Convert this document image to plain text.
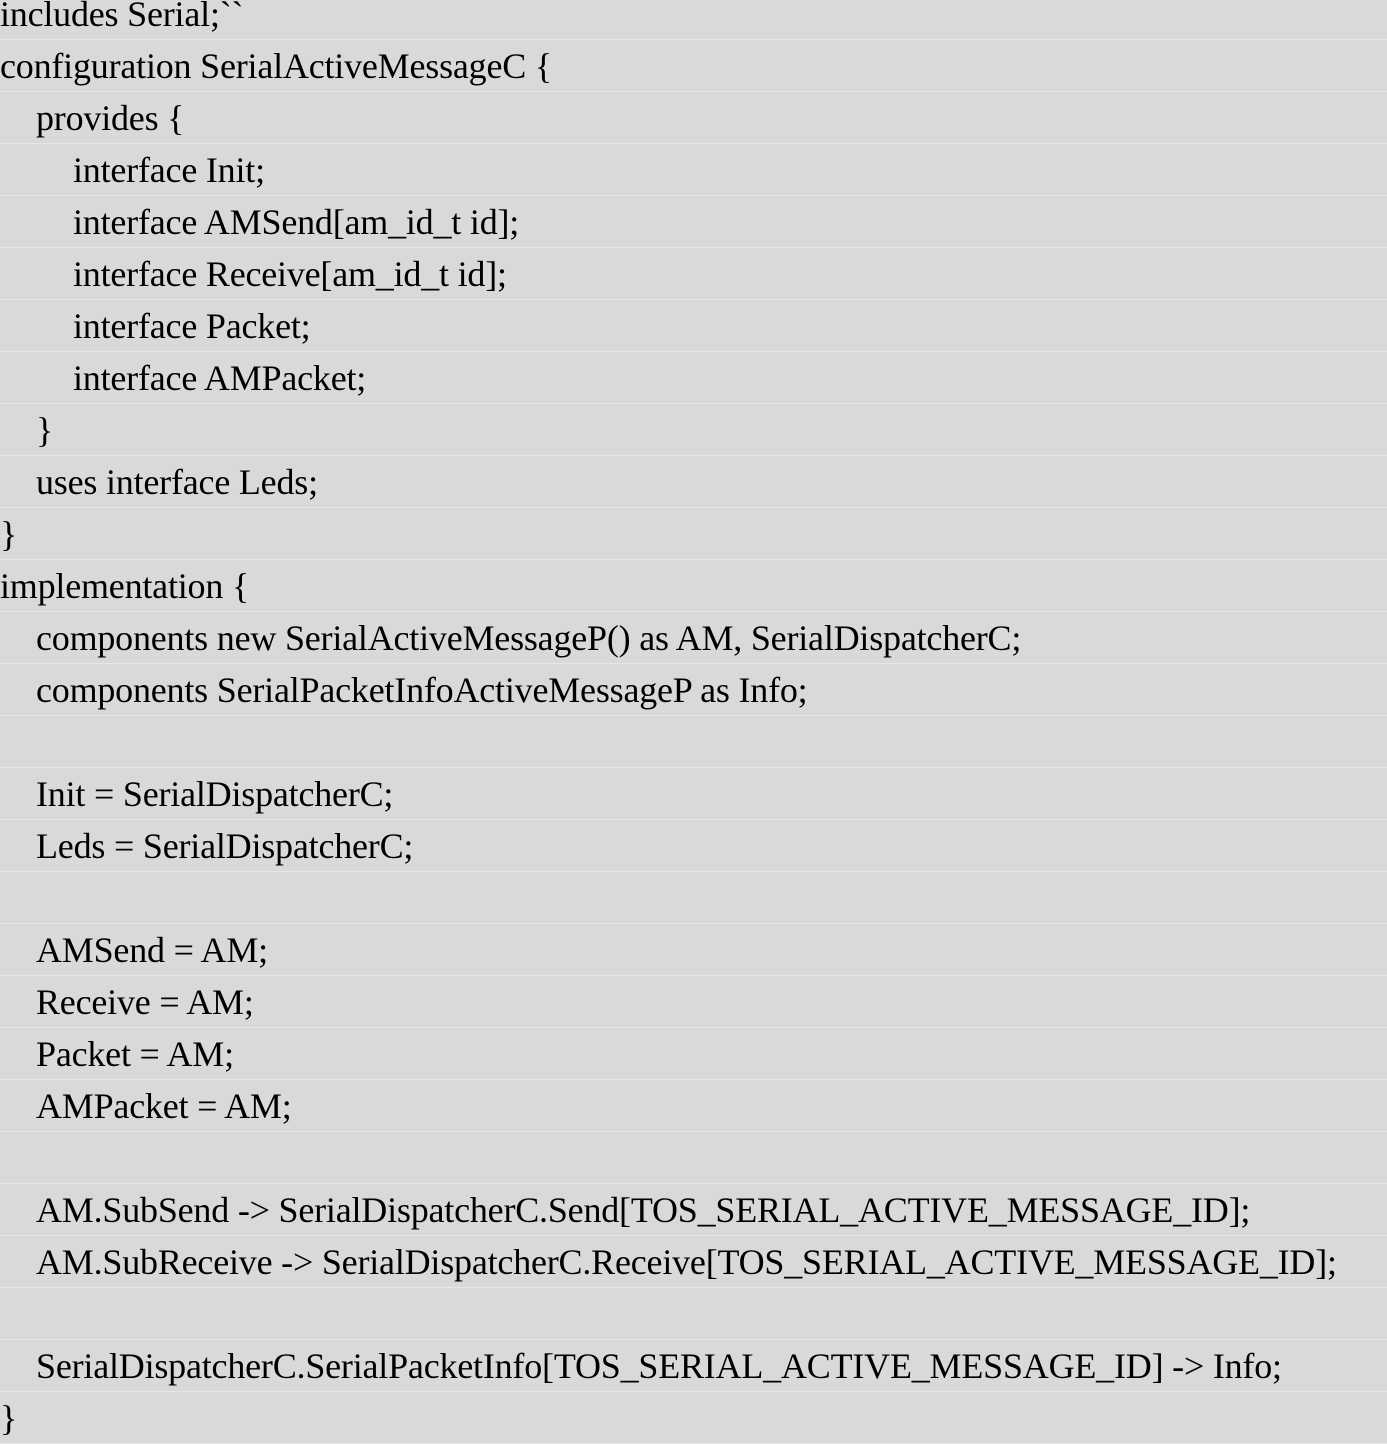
includes Serial;``
configuration SerialActiveMessageC {
provides {
interface Init;
interface AMSend[am_id_t id];
interface Receive[am_id_t id];
interface Packet;
interface AMPacket;
}
uses interface Leds;
}
implementation {
components new SerialActiveMessageP() as AM, SerialDispatcherC;
components SerialPacketInfoActiveMessageP as Info;
Init = SerialDispatcherC;
Leds = SerialDispatcherC;
AMSend = AM;
Receive = AM;
Packet = AM;
AMPacket = AM;
AM.SubSend -> SerialDispatcherC.Send[TOS_SERIAL_ACTIVE_MESSAGE_ID];
AM.SubReceive -> SerialDispatcherC.Receive[TOS_SERIAL_ACTIVE_MESSAGE_ID];
SerialDispatcherC.SerialPacketInfo[TOS_SERIAL_ACTIVE_MESSAGE_ID] -> Info;
}
